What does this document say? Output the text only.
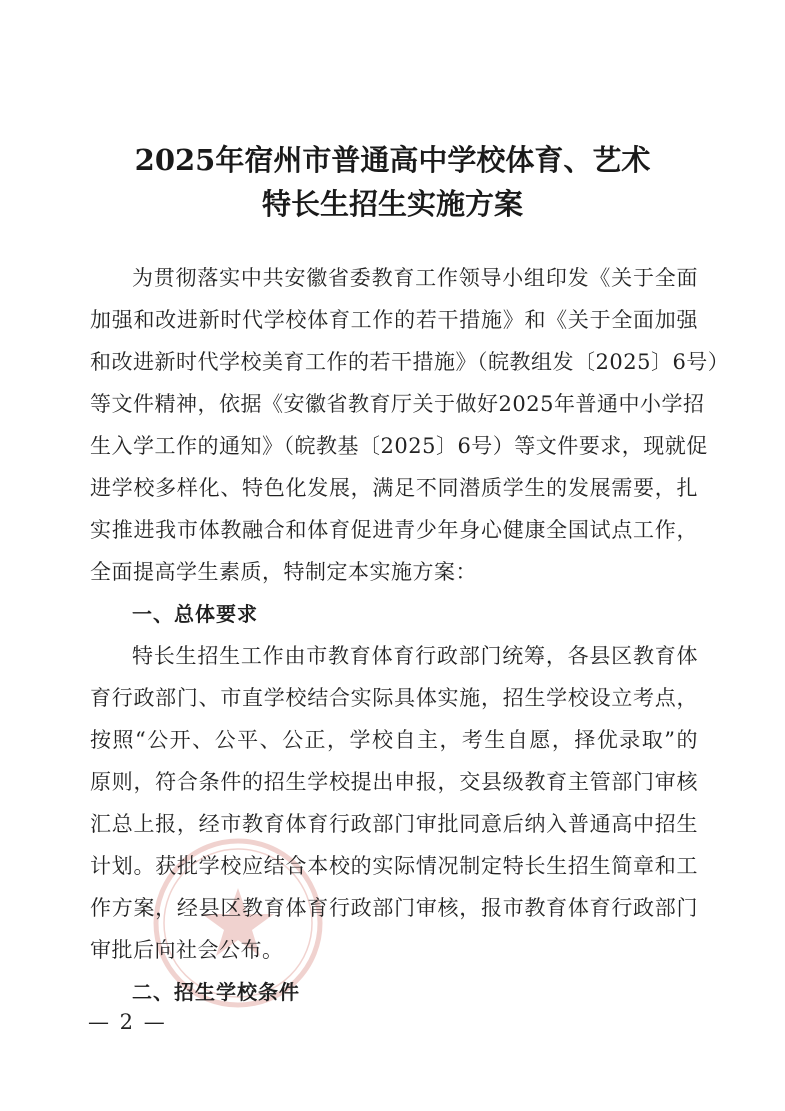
2025年宿州市普通高中学校体育、艺术
特长生招生实施方案
为贯彻落实中共安徽省委教育工作领导小组印发《关于全面
加强和改进新时代学校体育工作的若干措施》和《关于全面加强
和改进新时代学校美育工作的若干措施》（皖教组发〔2025〕6号）
等文件精神，依据《安徽省教育厅关于做好2025年普通中小学招
生入学工作的通知》（皖教基〔2025〕6号）等文件要求，现就促
进学校多样化、特色化发展，满足不同潜质学生的发展需要，扎
实推进我市体教融合和体育促进青少年身心健康全国试点工作，
全面提高学生素质，特制定本实施方案：
一、总体要求
特长生招生工作由市教育体育行政部门统筹，各县区教育体
育行政部门、市直学校结合实际具体实施，招生学校设立考点，
按照“公开、公平、公正，学校自主，考生自愿，择优录取”的
原则，符合条件的招生学校提出申报，交县级教育主管部门审核
汇总上报，经市教育体育行政部门审批同意后纳入普通高中招生
计划。获批学校应结合本校的实际情况制定特长生招生简章和工
作方案，经县区教育体育行政部门审核，报市教育体育行政部门
审批后向社会公布。
二、招生学校条件
— 2 —
